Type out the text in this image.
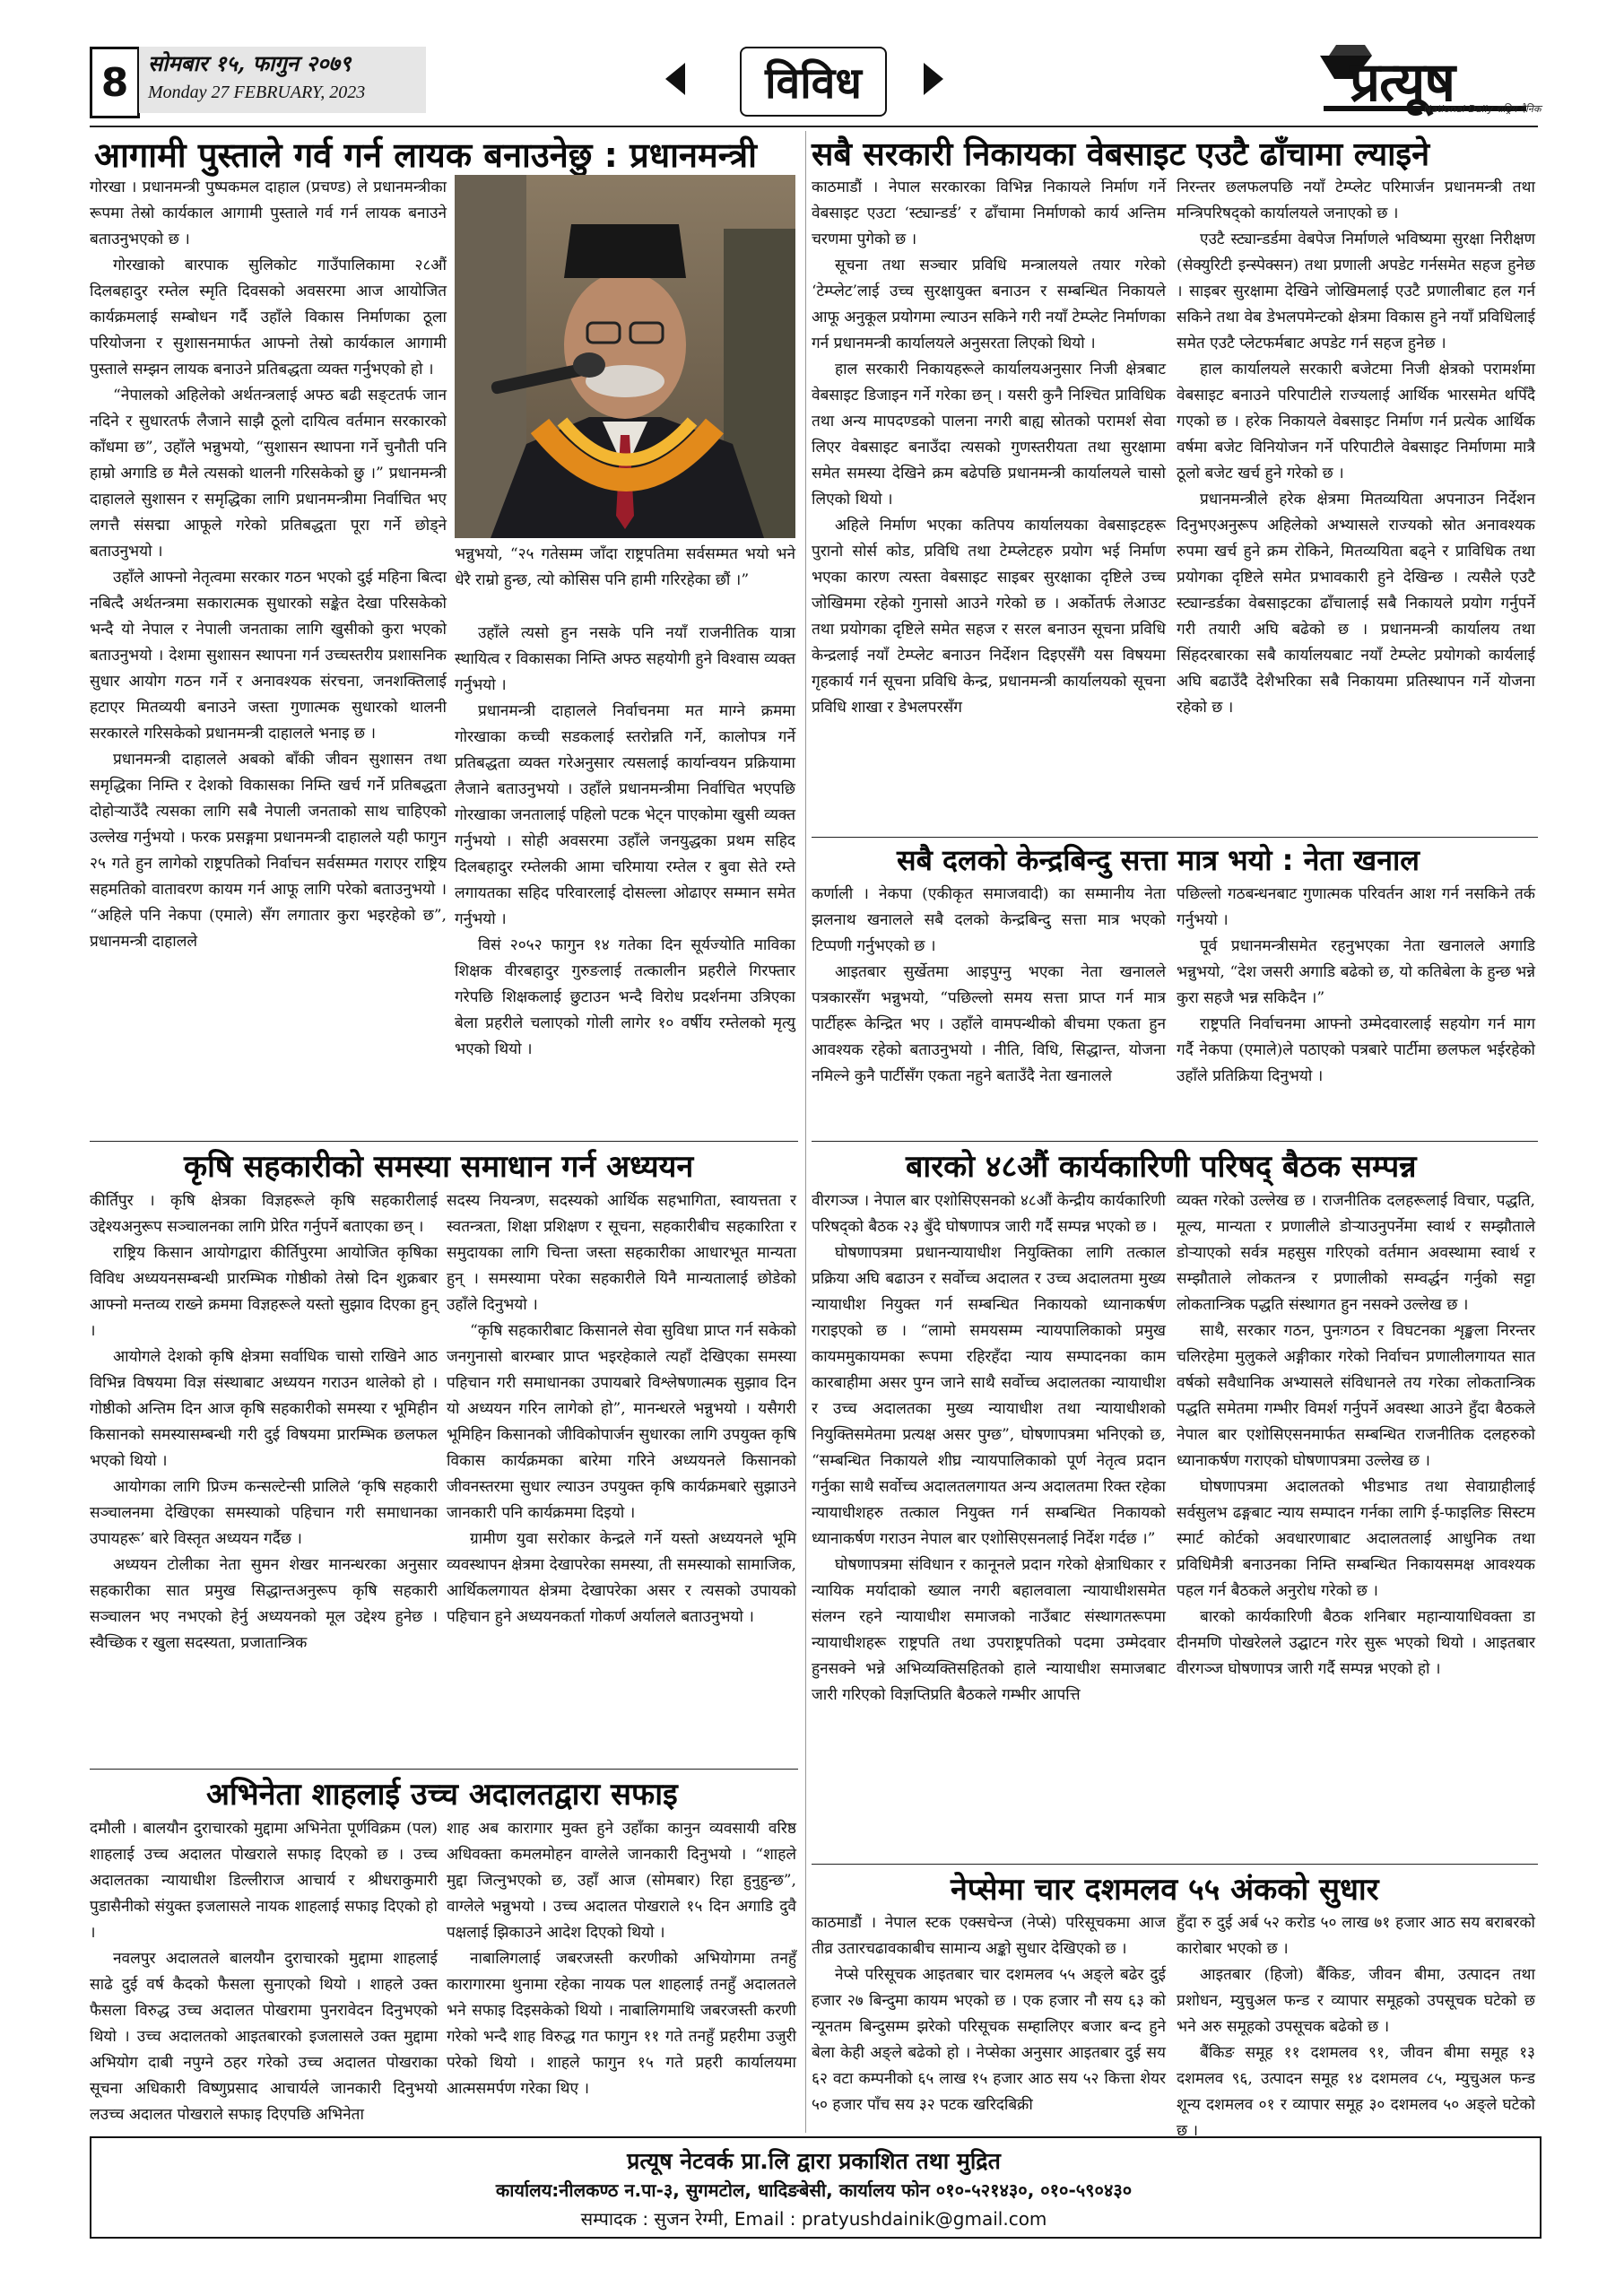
8 सोमबार १५, फागुन २०७९
Monday 27 FEBRUARY, 2023	विविध	प्रत्यूष
National Daily राष्ट्रिय दैनिक
आगामी पुस्ताले गर्व गर्न लायक बनाउनेछु : प्रधानमन्त्री

गोरखा । प्रधानमन्त्री पुष्पकमल दाहाल (प्रचण्ड) ले प्रधानमन्त्रीका रूपमा तेस्रो कार्यकाल आगामी पुस्ताले गर्व गर्न लायक बनाउने बताउनुभएको छ ।

गोरखाको बारपाक सुलिकोट गाउँपालिकामा २८औं दिलबहादुर रम्तेल स्मृति दिवसको अवसरमा आज आयोजित कार्यक्रमलाई सम्बोधन गर्दै उहाँले विकास निर्माणका ठूला परियोजना र सुशासनमार्फत आफ्नो तेस्रो कार्यकाल आगामी पुस्ताले सम्झन लायक बनाउने प्रतिबद्धता व्यक्त गर्नुभएको हो ।

“नेपालको अहिलेको अर्थतन्त्रलाई अफ्ठ बढी सङ्टतर्फ जान नदिने र सुधारतर्फ लैजाने साझै ठूलो दायित्व वर्तमान सरकारको काँधमा छ”, उहाँले भन्नुभयो, “सुशासन स्थापना गर्ने चुनौती पनि हाम्रो अगाडि छ मैले त्यसको थालनी गरिसकेको छु ।” प्रधानमन्त्री दाहालले सुशासन र समृद्धिका लागि प्रधानमन्त्रीमा निर्वाचित भए लगत्तै संसद्मा आफूले गरेको प्रतिबद्धता पूरा गर्ने छोड्ने बताउनुभयो ।

उहाँले आफ्नो नेतृत्वमा सरकार गठन भएको दुई महिना बित्दा नबित्दै अर्थतन्त्रमा सकारात्मक सुधारको सङ्केत देखा परिसकेको भन्दै यो नेपाल र नेपाली जनताका लागि खुसीको कुरा भएको बताउनुभयो । देशमा सुशासन स्थापना गर्न उच्चस्तरीय प्रशासनिक सुधार आयोग गठन गर्ने र अनावश्यक संरचना, जनशक्तिलाई हटाएर मितव्ययी बनाउने जस्ता गुणात्मक सुधारको थालनी सरकारले गरिसकेको प्रधानमन्त्री दाहालले भनाइ छ ।

प्रधानमन्त्री दाहालले अबको बाँकी जीवन सुशासन तथा समृद्धिका निम्ति र देशको विकासका निम्ति खर्च गर्ने प्रतिबद्धता दोहोऱ्याउँदै त्यसका लागि सबै नेपाली जनताको साथ चाहिएको उल्लेख गर्नुभयो । फरक प्रसङ्गमा प्रधानमन्त्री दाहालले यही फागुन २५ गते हुन लागेको राष्ट्रपतिको निर्वाचन सर्वसम्मत गराएर राष्ट्रिय सहमतिको वातावरण कायम गर्न आफू लागि परेको बताउनुभयो । “अहिले पनि नेकपा (एमाले) सँग लगातार कुरा भइरहेको छ”, प्रधानमन्त्री दाहालले

भन्नुभयो, “२५ गतेसम्म जाँदा राष्ट्रपतिमा सर्वसम्मत भयो भने धेरै राम्रो हुन्छ, त्यो कोसिस पनि हामी गरिरहेका छौं ।”

उहाँले त्यसो हुन नसके पनि नयाँ राजनीतिक यात्रा स्थायित्व र विकासका निम्ति अफ्ठ सहयोगी हुने विश्वास व्यक्त गर्नुभयो ।

प्रधानमन्त्री दाहालले निर्वाचनमा मत माग्ने क्रममा गोरखाका कच्ची सडकलाई स्तरोन्नति गर्ने, कालोपत्र गर्ने प्रतिबद्धता व्यक्त गरेअनुसार त्यसलाई कार्यान्वयन प्रक्रियामा लैजाने बताउनुभयो । उहाँले प्रधानमन्त्रीमा निर्वाचित भएपछि गोरखाका जनतालाई पहिलो पटक भेट्न पाएकोमा खुसी व्यक्त गर्नुभयो । सोही अवसरमा उहाँले जनयुद्धका प्रथम सहिद दिलबहादुर रम्तेलकी आमा चरिमाया रम्तेल र बुवा सेते रम्ते लगायतका सहिद परिवारलाई दोसल्ला ओढाएर सम्मान समेत गर्नुभयो ।

विसं २०५२ फागुन १४ गतेका दिन सूर्यज्योति माविका शिक्षक वीरबहादुर गुरुङलाई तत्कालीन प्रहरीले गिरफ्तार गरेपछि शिक्षकलाई छुटाउन भन्दै विरोध प्रदर्शनमा उत्रिएका बेला प्रहरीले चलाएको गोली लागेर १० वर्षीय रम्तेलको मृत्यु भएको थियो ।

कृषि सहकारीको समस्या समाधान गर्न अध्ययन

कीर्तिपुर । कृषि क्षेत्रका विज्ञहरूले कृषि सहकारीलाई उद्देश्यअनुरूप सञ्चालनका लागि प्रेरित गर्नुपर्ने बताएका छन् ।

राष्ट्रिय किसान आयोगद्वारा कीर्तिपुरमा आयोजित कृषिका विविध अध्ययनसम्बन्धी प्रारम्भिक गोष्ठीको तेस्रो दिन शुक्रबार आफ्नो मन्तव्य राख्ने क्रममा विज्ञहरूले यस्तो सुझाव दिएका हुन् ।

आयोगले देशको कृषि क्षेत्रमा सर्वाधिक चासो राखिने आठ विभिन्न विषयमा विज्ञ संस्थाबाट अध्ययन गराउन थालेको हो । गोष्ठीको अन्तिम दिन आज कृषि सहकारीको समस्या र भूमिहीन किसानको समस्यासम्बन्धी गरी दुई विषयमा प्रारम्भिक छलफल भएको थियो ।

आयोगका लागि प्रिज्म कन्सल्टेन्सी प्रालिले ‘कृषि सहकारी सञ्चालनमा देखिएका समस्याको पहिचान गरी समाधानका उपायहरू’ बारे विस्तृत अध्ययन गर्दैछ ।

अध्ययन टोलीका नेता सुमन शेखर मानन्धरका अनुसार सहकारीका सात प्रमुख सिद्धान्तअनुरूप कृषि सहकारी सञ्चालन भए नभएको हेर्नु अध्ययनको मूल उद्देश्य हुनेछ । स्वैच्छिक र खुला सदस्यता, प्रजातान्त्रिक

सदस्य नियन्त्रण, सदस्यको आर्थिक सहभागिता, स्वायत्तता र स्वतन्त्रता, शिक्षा प्रशिक्षण र सूचना, सहकारीबीच सहकारिता र समुदायका लागि चिन्ता जस्ता सहकारीका आधारभूत मान्यता हुन् । समस्यामा परेका सहकारीले यिनै मान्यतालाई छोडेको उहाँले दिनुभयो ।

“कृषि सहकारीबाट किसानले सेवा सुविधा प्राप्त गर्न सकेको जनगुनासो बारम्बार प्राप्त भइरहेकाले त्यहाँ देखिएका समस्या पहिचान गरी समाधानका उपायबारे विश्लेषणात्मक सुझाव दिन यो अध्ययन गरिन लागेको हो”, मानन्धरले भन्नुभयो । यसैगरी भूमिहिन किसानको जीविकोपार्जन सुधारका लागि उपयुक्त कृषि विकास कार्यक्रमका बारेमा गरिने अध्ययनले किसानको जीवनस्तरमा सुधार ल्याउन उपयुक्त कृषि कार्यक्रमबारे सुझाउने जानकारी पनि कार्यक्रममा दिइयो ।

ग्रामीण युवा सरोकार केन्द्रले गर्ने यस्तो अध्ययनले भूमि व्यवस्थापन क्षेत्रमा देखापरेका समस्या, ती समस्याको सामाजिक, आर्थिकलगायत क्षेत्रमा देखापरेका असर र त्यसको उपायको पहिचान हुने अध्ययनकर्ता गोकर्ण अर्यालले बताउनुभयो ।

अभिनेता शाहलाई उच्च अदालतद्वारा सफाइ

दमौली । बालयौन दुराचारको मुद्दामा अभिनेता पूर्णविक्रम (पल) शाहलाई उच्च अदालत पोखराले सफाइ दिएको छ । उच्च अदालतका न्यायाधीश डिल्लीराज आचार्य र श्रीधराकुमारी पुडासैनीको संयुक्त इजलासले नायक शाहलाई सफाइ दिएको हो ।

नवलपुर अदालतले बालयौन दुराचारको मुद्दामा शाहलाई साढे दुई वर्ष कैदको फैसला सुनाएको थियो । शाहले उक्त फैसला विरुद्ध उच्च अदालत पोखरामा पुनरावेदन दिनुभएको थियो । उच्च अदालतको आइतबारको इजलासले उक्त मुद्दामा अभियोग दाबी नपुग्ने ठहर गरेको उच्च अदालत पोखराका सूचना अधिकारी विष्णुप्रसाद आचार्यले जानकारी दिनुभयो लउच्च अदालत पोखराले सफाइ दिएपछि अभिनेता

शाह अब कारागार मुक्त हुने उहाँका कानुन व्यवसायी वरिष्ठ अधिवक्ता कमलमोहन वाग्लेले जानकारी दिनुभयो । “शाहले मुद्दा जित्नुभएको छ, उहाँ आज (सोमबार) रिहा हुनुहुन्छ”, वाग्लेले भन्नुभयो । उच्च अदालत पोखराले १५ दिन अगाडि दुवै पक्षलाई झिकाउने आदेश दिएको थियो ।

नाबालिगलाई जबरजस्ती करणीको अभियोगमा तनहुँ कारागारमा थुनामा रहेका नायक पल शाहलाई तनहुँ अदालतले भने सफाइ दिइसकेको थियो । नाबालिगमाथि जबरजस्ती करणी गरेको भन्दै शाह विरुद्ध गत फागुन ११ गते तनहुँ प्रहरीमा उजुरी परेको थियो । शाहले फागुन १५ गते प्रहरी कार्यालयमा आत्मसमर्पण गरेका थिए ।

सबै सरकारी निकायका वेबसाइट एउटै ढाँचामा ल्याइने

काठमाडौं । नेपाल सरकारका विभिन्न निकायले निर्माण गर्ने वेबसाइट एउटा ‘स्ट्यान्डर्ड’ र ढाँचामा निर्माणको कार्य अन्तिम चरणमा पुगेको छ ।

सूचना तथा सञ्चार प्रविधि मन्त्रालयले तयार गरेको ‘टेम्प्लेट’लाई उच्च सुरक्षायुक्त बनाउन र सम्बन्धित निकायले आफू अनुकूल प्रयोगमा ल्याउन सकिने गरी नयाँ टेम्प्लेट निर्माणका गर्न प्रधानमन्त्री कार्यालयले अनुसरता लिएको थियो ।

हाल सरकारी निकायहरूले कार्यालयअनुसार निजी क्षेत्रबाट वेबसाइट डिजाइन गर्ने गरेका छन् । यसरी कुनै निश्चित प्राविधिक तथा अन्य मापदण्डको पालना नगरी बाह्य स्रोतको परामर्श सेवा लिएर वेबसाइट बनाउँदा त्यसको गुणस्तरीयता तथा सुरक्षामा समेत समस्या देखिने क्रम बढेपछि प्रधानमन्त्री कार्यालयले चासो लिएको थियो ।

अहिले निर्माण भएका कतिपय कार्यालयका वेबसाइटहरू पुरानो सोर्स कोड, प्रविधि तथा टेम्प्लेटहरु प्रयोग भई निर्माण भएका कारण त्यस्ता वेबसाइट साइबर सुरक्षाका दृष्टिले उच्च जोखिममा रहेको गुनासो आउने गरेको छ । अर्कोतर्फ लेआउट तथा प्रयोगका दृष्टिले समेत सहज र सरल बनाउन सूचना प्रविधि केन्द्रलाई नयाँ टेम्प्लेट बनाउन निर्देशन दिइएसँगै यस विषयमा गृहकार्य गर्न सूचना प्रविधि केन्द्र, प्रधानमन्त्री कार्यालयको सूचना प्रविधि शाखा र डेभलपरसँग

निरन्तर छलफलपछि नयाँ टेम्प्लेट परिमार्जन प्रधानमन्त्री तथा मन्त्रिपरिषद्को कार्यालयले जनाएको छ ।

एउटै स्ट्यान्डर्डमा वेबपेज निर्माणले भविष्यमा सुरक्षा निरीक्षण (सेक्युरिटी इन्स्पेक्सन) तथा प्रणाली अपडेट गर्नसमेत सहज हुनेछ । साइबर सुरक्षामा देखिने जोखिमलाई एउटै प्रणालीबाट हल गर्न सकिने तथा वेब डेभलपमेन्टको क्षेत्रमा विकास हुने नयाँ प्रविधिलाई समेत एउटै प्लेटफर्मबाट अपडेट गर्न सहज हुनेछ ।

हाल कार्यालयले सरकारी बजेटमा निजी क्षेत्रको परामर्शमा वेबसाइट बनाउने परिपाटीले राज्यलाई आर्थिक भारसमेत थपिँदै गएको छ । हरेक निकायले वेबसाइट निर्माण गर्न प्रत्येक आर्थिक वर्षमा बजेट विनियोजन गर्ने परिपाटीले वेबसाइट निर्माणमा मात्रै ठूलो बजेट खर्च हुने गरेको छ ।

प्रधानमन्त्रीले हरेक क्षेत्रमा मितव्ययिता अपनाउन निर्देशन दिनुभएअनुरूप अहिलेको अभ्यासले राज्यको स्रोत अनावश्यक रुपमा खर्च हुने क्रम रोकिने, मितव्ययिता बढ्ने र प्राविधिक तथा प्रयोगका दृष्टिले समेत प्रभावकारी हुने देखिन्छ । त्यसैले एउटै स्ट्यान्डर्डका वेबसाइटका ढाँचालाई सबै निकायले प्रयोग गर्नुपर्ने गरी तयारी अघि बढेको छ । प्रधानमन्त्री कार्यालय तथा सिंहदरबारका सबै कार्यालयबाट नयाँ टेम्प्लेट प्रयोगको कार्यलाई अघि बढाउँदै देशैभरिका सबै निकायमा प्रतिस्थापन गर्ने योजना रहेको छ ।

सबै दलको केन्द्रबिन्दु सत्ता मात्र भयो : नेता खनाल

कर्णाली । नेकपा (एकीकृत समाजवादी) का सम्मानीय नेता झलनाथ खनालले सबै दलको केन्द्रबिन्दु सत्ता मात्र भएको टिप्पणी गर्नुभएको छ ।

आइतबार सुर्खेतमा आइपुग्नु भएका नेता खनालले पत्रकारसँग भन्नुभयो, “पछिल्लो समय सत्ता प्राप्त गर्न मात्र पार्टीहरू केन्द्रित भए । उहाँले वामपन्थीको बीचमा एकता हुन आवश्यक रहेको बताउनुभयो । नीति, विधि, सिद्धान्त, योजना नमिल्ने कुनै पार्टीसँग एकता नहुने बताउँदै नेता खनालले

पछिल्लो गठबन्धनबाट गुणात्मक परिवर्तन आश गर्न नसकिने तर्क गर्नुभयो ।

पूर्व प्रधानमन्त्रीसमेत रहनुभएका नेता खनालले अगाडि भन्नुभयो, “देश जसरी अगाडि बढेको छ, यो कतिबेला के हुन्छ भन्ने कुरा सहजै भन्न सकिदैन ।”

राष्ट्रपति निर्वाचनमा आफ्नो उम्मेदवारलाई सहयोग गर्न माग गर्दै नेकपा (एमाले)ले पठाएको पत्रबारे पार्टीमा छलफल भईरहेको उहाँले प्रतिक्रिया दिनुभयो ।

बारको ४८औं कार्यकारिणी परिषद् बैठक सम्पन्न

वीरगञ्ज । नेपाल बार एशोसिएसनको ४८औं केन्द्रीय कार्यकारिणी परिषद्को बैठक २३ बुँदे घोषणापत्र जारी गर्दै सम्पन्न भएको छ ।

घोषणापत्रमा प्रधानन्यायाधीश नियुक्तिका लागि तत्काल प्रक्रिया अघि बढाउन र सर्वोच्च अदालत र उच्च अदालतमा मुख्य न्यायाधीश नियुक्त गर्न सम्बन्धित निकायको ध्यानाकर्षण गराइएको छ । “लामो समयसम्म न्यायपालिकाको प्रमुख कायममुकायमका रूपमा रहिरहँदा न्याय सम्पादनका काम कारबाहीमा असर पुग्न जाने साथै सर्वोच्च अदालतका न्यायाधीश र उच्च अदालतका मुख्य न्यायाधीश तथा न्यायाधीशको नियुक्तिसमेतमा प्रत्यक्ष असर पुग्छ”, घोषणापत्रमा भनिएको छ, “सम्बन्धित निकायले शीघ्र न्यायपालिकाको पूर्ण नेतृत्व प्रदान गर्नुका साथै सर्वोच्च अदालतलगायत अन्य अदालतमा रिक्त रहेका न्यायाधीशहरु तत्काल नियुक्त गर्न सम्बन्धित निकायको ध्यानाकर्षण गराउन नेपाल बार एशोसिएसनलाई निर्देश गर्दछ ।”

घोषणापत्रमा संविधान र कानूनले प्रदान गरेको क्षेत्राधिकार र न्यायिक मर्यादाको ख्याल नगरी बहालवाला न्यायाधीशसमेत संलग्न रहने न्यायाधीश समाजको नाउँबाट संस्थागतरूपमा न्यायाधीशहरू राष्ट्रपति तथा उपराष्ट्रपतिको पदमा उम्मेदवार हुनसक्ने भन्ने अभिव्यक्तिसहितको हाले न्यायाधीश समाजबाट जारी गरिएको विज्ञप्तिप्रति बैठकले गम्भीर आपत्ति

व्यक्त गरेको उल्लेख छ । राजनीतिक दलहरूलाई विचार, पद्धति, मूल्य, मान्यता र प्रणालीले डोऱ्याउनुपर्नेमा स्वार्थ र सम्झौताले डोऱ्याएको सर्वत्र महसुस गरिएको वर्तमान अवस्थामा स्वार्थ र सम्झौताले लोकतन्त्र र प्रणालीको सम्वर्द्धन गर्नुको सट्टा लोकतान्त्रिक पद्धति संस्थागत हुन नसक्ने उल्लेख छ ।

साथै, सरकार गठन, पुनःगठन र विघटनका शृङ्खला निरन्तर चलिरहेमा मुलुकले अङ्गीकार गरेको निर्वाचन प्रणालीलगायत सात वर्षको सवैधानिक अभ्यासले संविधानले तय गरेका लोकतान्त्रिक पद्धति समेतमा गम्भीर विमर्श गर्नुपर्ने अवस्था आउने हुँदा बैठकले नेपाल बार एशोसिएसनमार्फत सम्बन्धित राजनीतिक दलहरुको ध्यानाकर्षण गराएको घोषणापत्रमा उल्लेख छ ।

घोषणापत्रमा अदालतको भीडभाड तथा सेवाग्राहीलाई सर्वसुलभ ढङ्गबाट न्याय सम्पादन गर्नका लागि ई-फाइलिङ सिस्टम स्मार्ट कोर्टको अवधारणाबाट अदालतलाई आधुनिक तथा प्रविधिमैत्री बनाउनका निम्ति सम्बन्धित निकायसमक्ष आवश्यक पहल गर्न बैठकले अनुरोध गरेको छ ।

बारको कार्यकारिणी बैठक शनिबार महान्यायाधिवक्ता डा दीनमणि पोखरेलले उद्घाटन गरेर सुरू भएको थियो । आइतबार वीरगञ्ज घोषणापत्र जारी गर्दै सम्पन्न भएको हो ।

नेप्सेमा चार दशमलव ५५ अंकको सुधार

काठमाडौं । नेपाल स्टक एक्सचेन्ज (नेप्से) परिसूचकमा आज तीव्र उतारचढावकाबीच सामान्य अङ्को सुधार देखिएको छ ।

नेप्से परिसूचक आइतबार चार दशमलव ५५ अङ्ले बढेर दुई हजार २७ बिन्दुमा कायम भएको छ । एक हजार नौ सय ६३ को न्यूनतम बिन्दुसम्म झरेको परिसूचक सम्हालिएर बजार बन्द हुने बेला केही अङ्ले बढेको हो । नेप्सेका अनुसार आइतबार दुई सय ६२ वटा कम्पनीको ६५ लाख १५ हजार आठ सय ५२ कित्ता शेयर ५० हजार पाँच सय ३२ पटक खरिदबिक्री

हुँदा रु दुई अर्ब ५२ करोड ५० लाख ७१ हजार आठ सय बराबरको कारोबार भएको छ ।

आइतबार (हिजो) बैंकिङ, जीवन बीमा, उत्पादन तथा प्रशोधन, म्युचुअल फन्ड र व्यापार समूहको उपसूचक घटेको छ भने अरु समूहको उपसूचक बढेको छ ।

बैंकिङ समूह ११ दशमलव ९१, जीवन बीमा समूह १३ दशमलव ९६, उत्पादन समूह १४ दशमलव ८५, म्युचुअल फन्ड शून्य दशमलव ०१ र व्यापार समूह ३० दशमलव ५० अङ्ले घटेको छ ।

प्रत्यूष नेटवर्क प्रा.लि द्वारा प्रकाशित तथा मुद्रित
कार्यालय:नीलकण्ठ न.पा-३, सुगमटोल, धादिङबेसी, कार्यालय फोन ०१०-५२१४३०, ०१०-५९०४३०
सम्पादक : सुजन रेग्मी, Email : pratyushdainik@gmail.com
